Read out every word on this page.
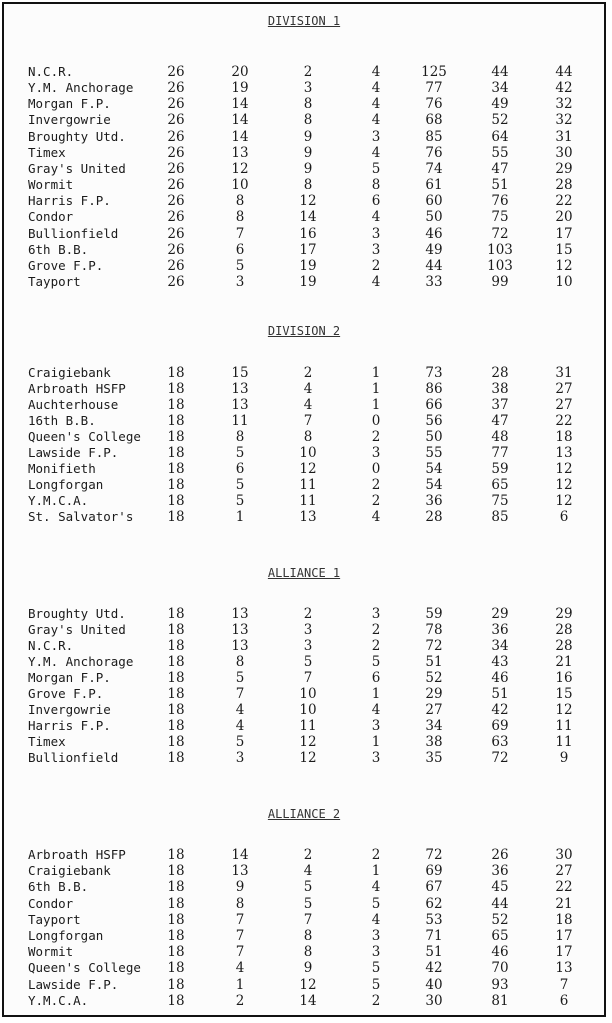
DIVISION 1
N.C.R.	26	20	2	4	125	44	44
Y.M. Anchorage	26	19	3	4	77	34	42
Morgan F.P.	26	14	8	4	76	49	32
Invergowrie	26	14	8	4	68	52	32
Broughty Utd.	26	14	9	3	85	64	31
Timex	26	13	9	4	76	55	30
Gray's United	26	12	9	5	74	47	29
Wormit	26	10	8	8	61	51	28
Harris F.P.	26	8	12	6	60	76	22
Condor	26	8	14	4	50	75	20
Bullionfield	26	7	16	3	46	72	17
6th B.B.	26	6	17	3	49	103	15
Grove F.P.	26	5	19	2	44	103	12
Tayport	26	3	19	4	33	99	10
DIVISION 2
Craigiebank	18	15	2	1	73	28	31
Arbroath HSFP	18	13	4	1	86	38	27
Auchterhouse	18	13	4	1	66	37	27
16th B.B.	18	11	7	0	56	47	22
Queen's College	18	8	8	2	50	48	18
Lawside F.P.	18	5	10	3	55	77	13
Monifieth	18	6	12	0	54	59	12
Longforgan	18	5	11	2	54	65	12
Y.M.C.A.	18	5	11	2	36	75	12
St. Salvator's	18	1	13	4	28	85	6
ALLIANCE 1
Broughty Utd.	18	13	2	3	59	29	29
Gray's United	18	13	3	2	78	36	28
N.C.R.	18	13	3	2	72	34	28
Y.M. Anchorage	18	8	5	5	51	43	21
Morgan F.P.	18	5	7	6	52	46	16
Grove F.P.	18	7	10	1	29	51	15
Invergowrie	18	4	10	4	27	42	12
Harris F.P.	18	4	11	3	34	69	11
Timex	18	5	12	1	38	63	11
Bullionfield	18	3	12	3	35	72	9
ALLIANCE 2
Arbroath HSFP	18	14	2	2	72	26	30
Craigiebank	18	13	4	1	69	36	27
6th B.B.	18	9	5	4	67	45	22
Condor	18	8	5	5	62	44	21
Tayport	18	7	7	4	53	52	18
Longforgan	18	7	8	3	71	65	17
Wormit	18	7	8	3	51	46	17
Queen's College	18	4	9	5	42	70	13
Lawside F.P.	18	1	12	5	40	93	7
Y.M.C.A.	18	2	14	2	30	81	6
